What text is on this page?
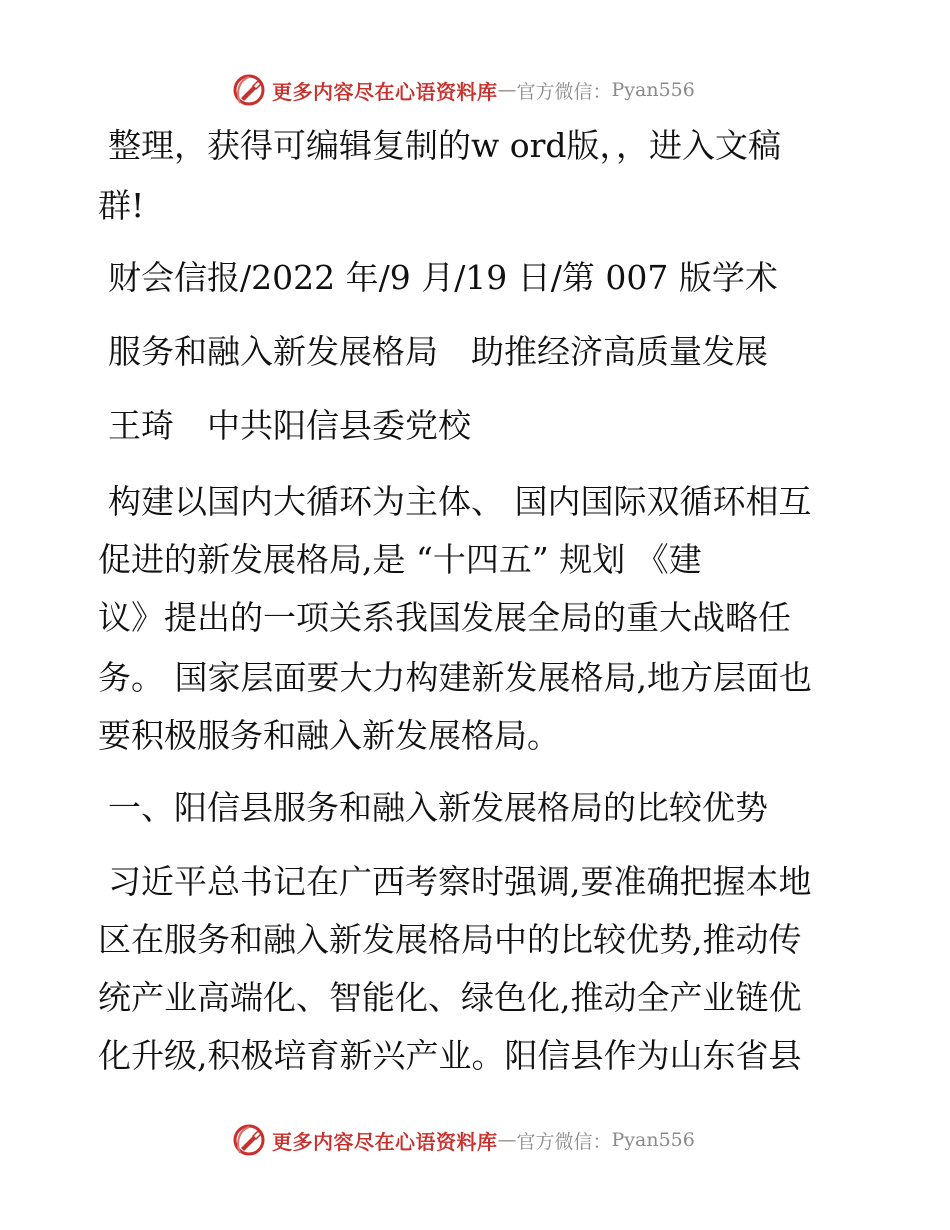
更多内容尽在心语资料库 — 官方微信： Pyan556
整理，获得可编辑复制的w ord版，，进入文稿
群!
财会信报/2022 年/9 月/19 日/第 007 版学术
服务和融入新发展格局　助推经济高质量发展
王琦　中共阳信县委党校
构建以国内大循环为主体、 国内国际双循环相互
促进的新发展格局,是 “十四五” 规划 《建
议》提出的一项关系我国发展全局的重大战略任
务。 国家层面要大力构建新发展格局,地方层面也
要积极服务和融入新发展格局。
一、阳信县服务和融入新发展格局的比较优势
习近平总书记在广西考察时强调,要准确把握本地
区在服务和融入新发展格局中的比较优势,推动传
统产业高端化、智能化、绿色化,推动全产业链优
化升级,积极培育新兴产业。阳信县作为山东省县
更多内容尽在心语资料库 — 官方微信： Pyan556
